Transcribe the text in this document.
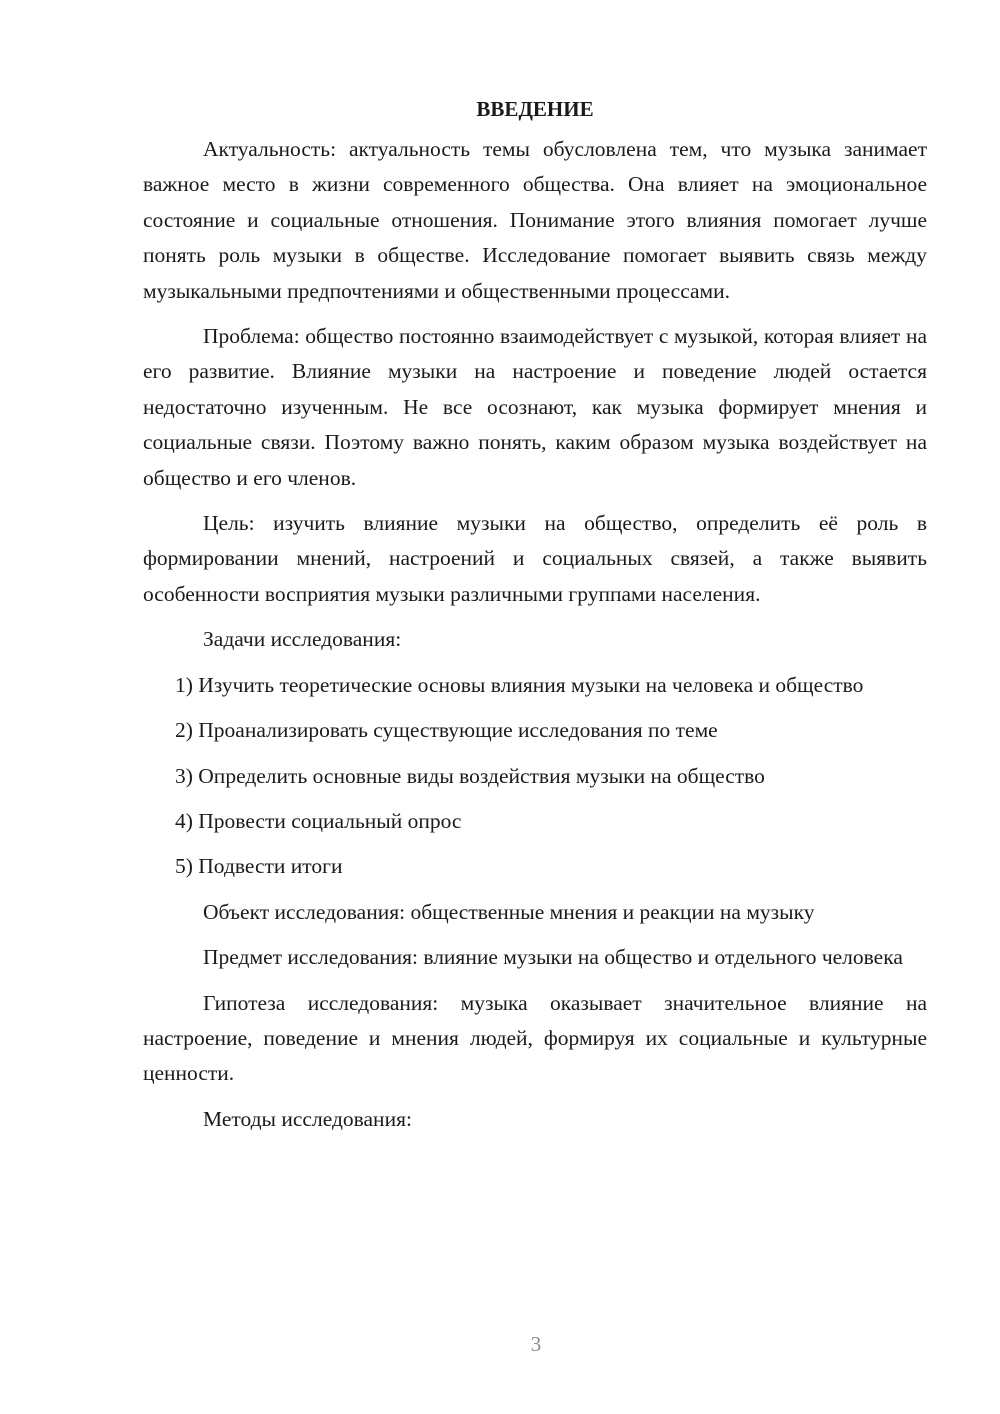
ВВЕДЕНИЕ

Актуальность: актуальность темы обусловлена тем, что музыка занимает важное место в жизни современного общества. Она влияет на эмоциональное состояние и социальные отношения. Понимание этого влияния помогает лучше понять роль музыки в обществе. Исследование помогает выявить связь между музыкальными предпочтениями и общественными процессами.

Проблема: общество постоянно взаимодействует с музыкой, которая влияет на его развитие. Влияние музыки на настроение и поведение людей остается недостаточно изученным. Не все осознают, как музыка формирует мнения и социальные связи. Поэтому важно понять, каким образом музыка воздействует на общество и его членов.

Цель: изучить влияние музыки на общество, определить её роль в формировании мнений, настроений и социальных связей, а также выявить особенности восприятия музыки различными группами населения.

Задачи исследования:

1) Изучить теоретические основы влияния музыки на человека и общество

2) Проанализировать существующие исследования по теме

3) Определить основные виды воздействия музыки на общество

4) Провести социальный опрос

5) Подвести итоги

Объект исследования: общественные мнения и реакции на музыку

Предмет исследования: влияние музыки на общество и отдельного человека

Гипотеза исследования: музыка оказывает значительное влияние на настроение, поведение и мнения людей, формируя их социальные и культурные ценности.

Методы исследования:

3
